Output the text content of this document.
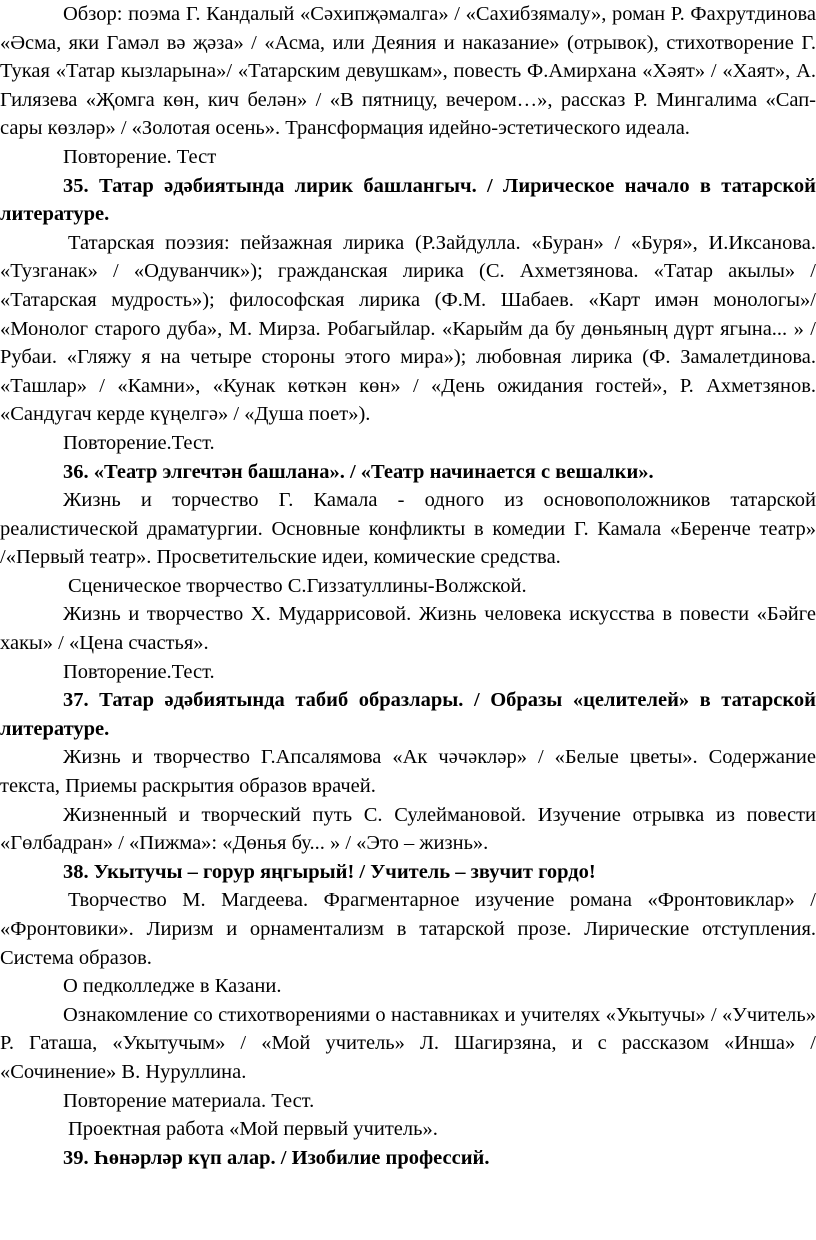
Обзор: поэма Г. Кандалый «Сәхипҗәмалга» / «Сахибзямалу», роман Р. Фахрутдинова «Әсма, яки Гамәл вә җәза» / «Асма, или Деяния и наказание» (отрывок), стихотворение Г. Тукая «Татар кызларына»/ «Татарским девушкам», повесть Ф.Амирхана «Хәят» / «Хаят», А. Гилязева «Җомга көн, кич белән» / «В пятницу, вечером…», рассказ Р. Мингалима «Сап-сары көзләр» / «Золотая осень». Трансформация идейно-эстетического идеала.

Повторение. Тест

35. Татар әдәбиятында лирик башлангыч. / Лирическое начало в татарской литературе.

Татарская поэзия: пейзажная лирика (Р.Зайдулла. «Буран» / «Буря», И.Иксанова. «Тузганак» / «Одуванчик»); гражданская лирика (С. Ахметзянова. «Татар акылы» / «Татарская мудрость»); философская лирика (Ф.М. Шабаев. «Карт имән монологы»/ «Монолог старого дуба», М. Мирза. Робагыйлар. «Карыйм да бу дөньяның дүрт ягына... » /Рубаи. «Гляжу я на четыре стороны этого мира»); любовная лирика (Ф. Замалетдинова. «Ташлар» / «Камни», «Кунак көткән көн» / «День ожидания гостей», Р. Ахметзянов. «Сандугач керде күңелгә» / «Душа поет»).

Повторение.Тест.

36. «Театр элгечтән башлана». / «Театр начинается с вешалки».

Жизнь и торчество Г. Камала - одного из основоположников татарской реалистической драматургии. Основные конфликты в комедии Г. Камала «Беренче театр» /«Первый театр». Просветительские идеи, комические средства.

Сценическое творчество С.Гиззатуллины-Волжской.

Жизнь и творчество Х. Мударрисовой. Жизнь человека искусства в повести «Бәйге хакы» / «Цена счастья».

Повторение.Тест.

37. Татар әдәбиятында табиб образлары. / Образы «целителей» в татарской литературе.

Жизнь и творчество Г.Апсалямова «Ак чәчәкләр» / «Белые цветы». Содержание текста, Приемы раскрытия образов врачей.

Жизненный и творческий путь С. Сулеймановой. Изучение отрывка из повести «Гөлбадран» / «Пижма»: «Дөнья бу... » / «Это – жизнь».

38. Укытучы – горур яңгырый! / Учитель – звучит гордо!

Творчество М. Магдеева. Фрагментарное изучение романа «Фронтовиклар» / «Фронтовики». Лиризм и орнаментализм в татарской прозе. Лирические отступления. Система образов.

О педколледже в Казани.

Ознакомление со стихотворениями о наставниках и учителях «Укытучы» / «Учитель» Р. Гаташа, «Укытучым» / «Мой учитель» Л. Шагирзяна, и с рассказом «Инша» / «Сочинение» В. Нуруллина.

Повторение материала. Тест.

Проектная работа «Мой первый учитель».

39. Һөнәрләр күп алар. / Изобилие профессий.
